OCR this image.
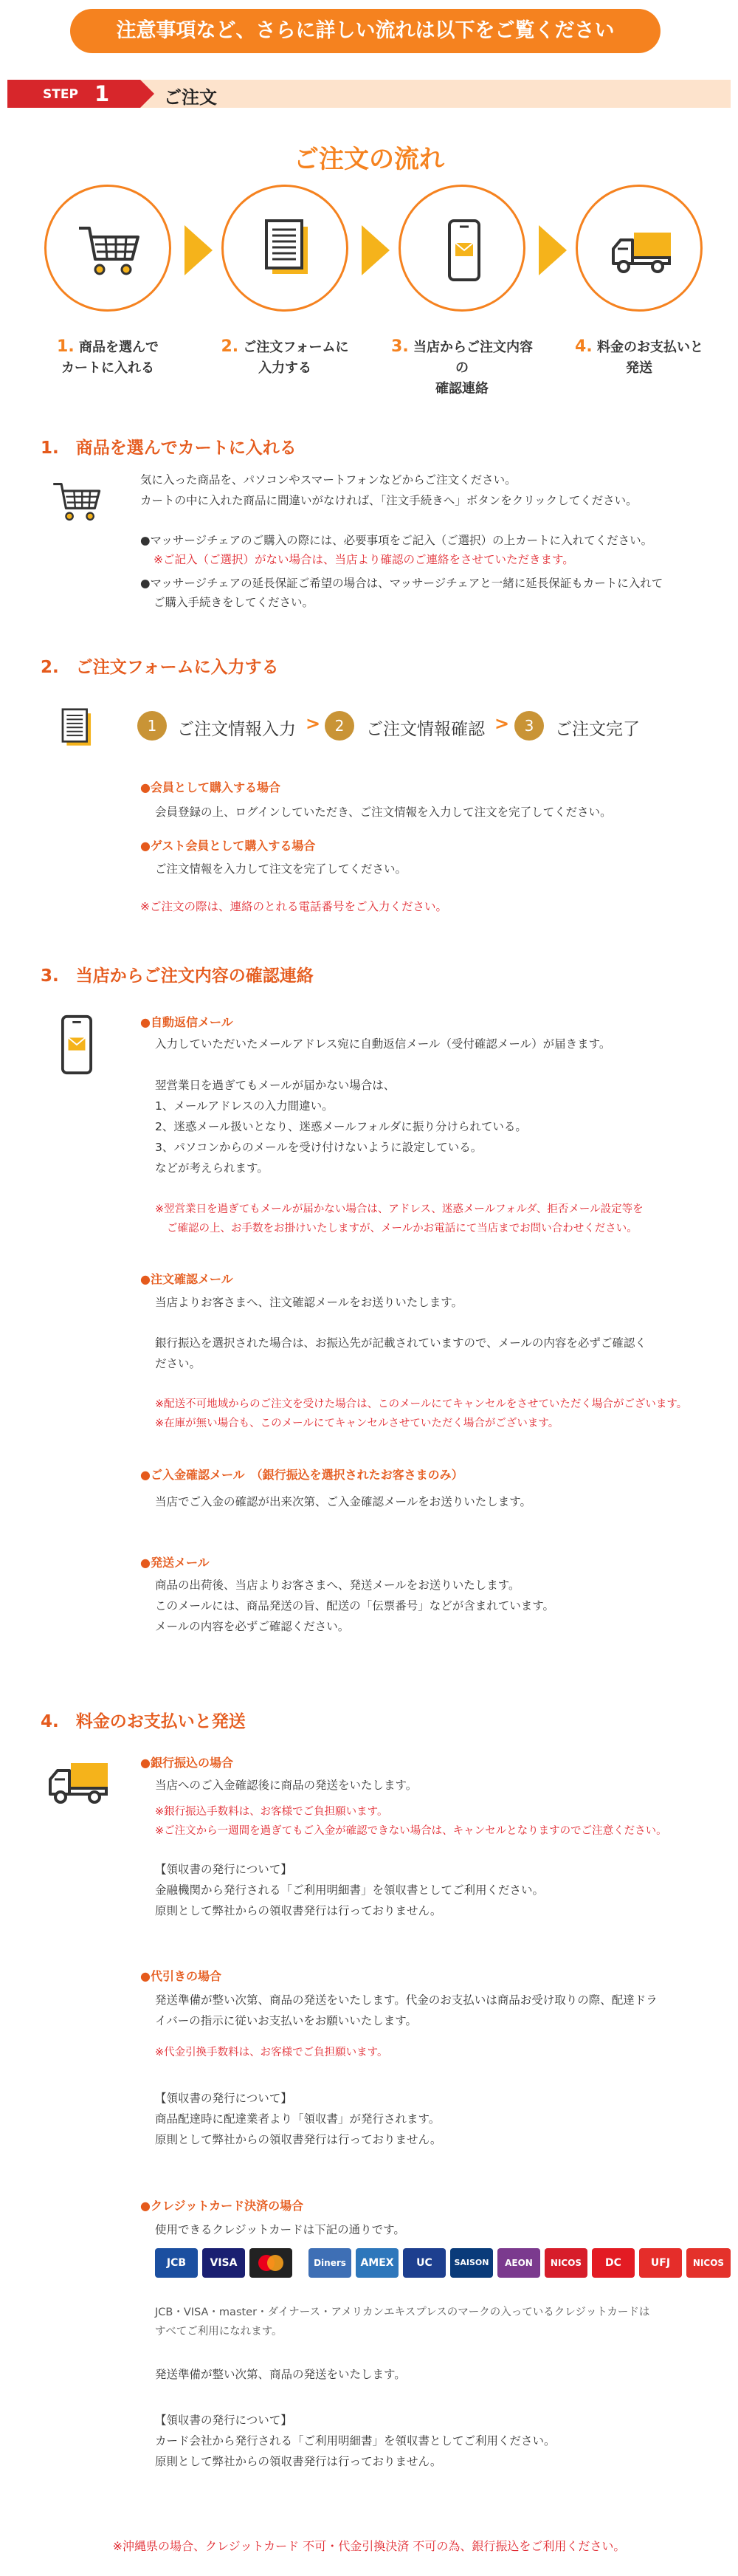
注意事項など、さらに詳しい流れは以下をご覧ください
STEP 1	ご注文
ご注文の流れ
1. 商品を選んで
カートに入れる
2. ご注文フォームに
入力する
3. 当店からご注文内容の
確認連絡
4. 料金のお支払いと
発送
1.　商品を選んでカートに入れる
気に入った商品を、パソコンやスマートフォンなどからご注文ください。
カートの中に入れた商品に間違いがなければ、「注文手続きへ」ボタンをクリックしてください。
●マッサージチェアのご購入の際には、必要事項をご記入（ご選択）の上カートに入れてください。
※ご記入（ご選択）がない場合は、当店より確認のご連絡をさせていただきます。
●マッサージチェアの延長保証ご希望の場合は、マッサージチェアと一緒に延長保証もカートに入れて
ご購入手続きをしてください。
2.　ご注文フォームに入力する
1	ご注文情報入力 > 2	ご注文情報確認 >	3	ご注文完了
●会員として購入する場合
会員登録の上、ログインしていただき、ご注文情報を入力して注文を完了してください。
●ゲスト会員として購入する場合
ご注文情報を入力して注文を完了してください。
※ご注文の際は、連絡のとれる電話番号をご入力ください。
3.　当店からご注文内容の確認連絡
●自動返信メール
入力していただいたメールアドレス宛に自動返信メール（受付確認メール）が届きます。
翌営業日を過ぎてもメールが届かない場合は、
1、メールアドレスの入力間違い。
2、迷惑メール扱いとなり、迷惑メールフォルダに振り分けられている。
3、パソコンからのメールを受け付けないように設定している。
などが考えられます。
※翌営業日を過ぎてもメールが届かない場合は、アドレス、迷惑メールフォルダ、拒否メール設定等を
ご確認の上、お手数をお掛けいたしますが、メールかお電話にて当店までお問い合わせください。
●注文確認メール
当店よりお客さまへ、注文確認メールをお送りいたします。
銀行振込を選択された場合は、お振込先が記載されていますので、メールの内容を必ずご確認く
ださい。
※配送不可地域からのご注文を受けた場合は、このメールにてキャンセルをさせていただく場合がございます。
※在庫が無い場合も、このメールにてキャンセルさせていただく場合がございます。
●ご入金確認メール　（銀行振込を選択されたお客さまのみ）
当店でご入金の確認が出来次第、ご入金確認メールをお送りいたします。
●発送メール
商品の出荷後、当店よりお客さまへ、発送メールをお送りいたします。
このメールには、商品発送の旨、配送の「伝票番号」などが含まれています。
メールの内容を必ずご確認ください。
4.　料金のお支払いと発送
●銀行振込の場合
当店へのご入金確認後に商品の発送をいたします。
※銀行振込手数料は、お客様でご負担願います。
※ご注文から一週間を過ぎてもご入金が確認できない場合は、キャンセルとなりますのでご注意ください。
【領収書の発行について】
金融機関から発行される「ご利用明細書」を領収書としてご利用ください。
原則として弊社からの領収書発行は行っておりません。
●代引きの場合
発送準備が整い次第、商品の発送をいたします。代金のお支払いは商品お受け取りの際、配達ドラ
イバーの指示に従いお支払いをお願いいたします。
※代金引換手数料は、お客様でご負担願います。
【領収書の発行について】
商品配達時に配達業者より「領収書」が発行されます。
原則として弊社からの領収書発行は行っておりません。
●クレジットカード決済の場合
使用できるクレジットカードは下記の通りです。
JCB	VISA	Diners	AMEX	UC	SAISON	AEON	NICOS	DC	UFJ	NICOS
JCB・VISA・master・ダイナース・アメリカンエキスプレスのマークの入っているクレジットカードは
すべてご利用になれます。
発送準備が整い次第、商品の発送をいたします。
【領収書の発行について】
カード会社から発行される「ご利用明細書」を領収書としてご利用ください。
原則として弊社からの領収書発行は行っておりません。
※沖縄県の場合、クレジットカード 不可・代金引換決済 不可の為、銀行振込をご利用ください。
